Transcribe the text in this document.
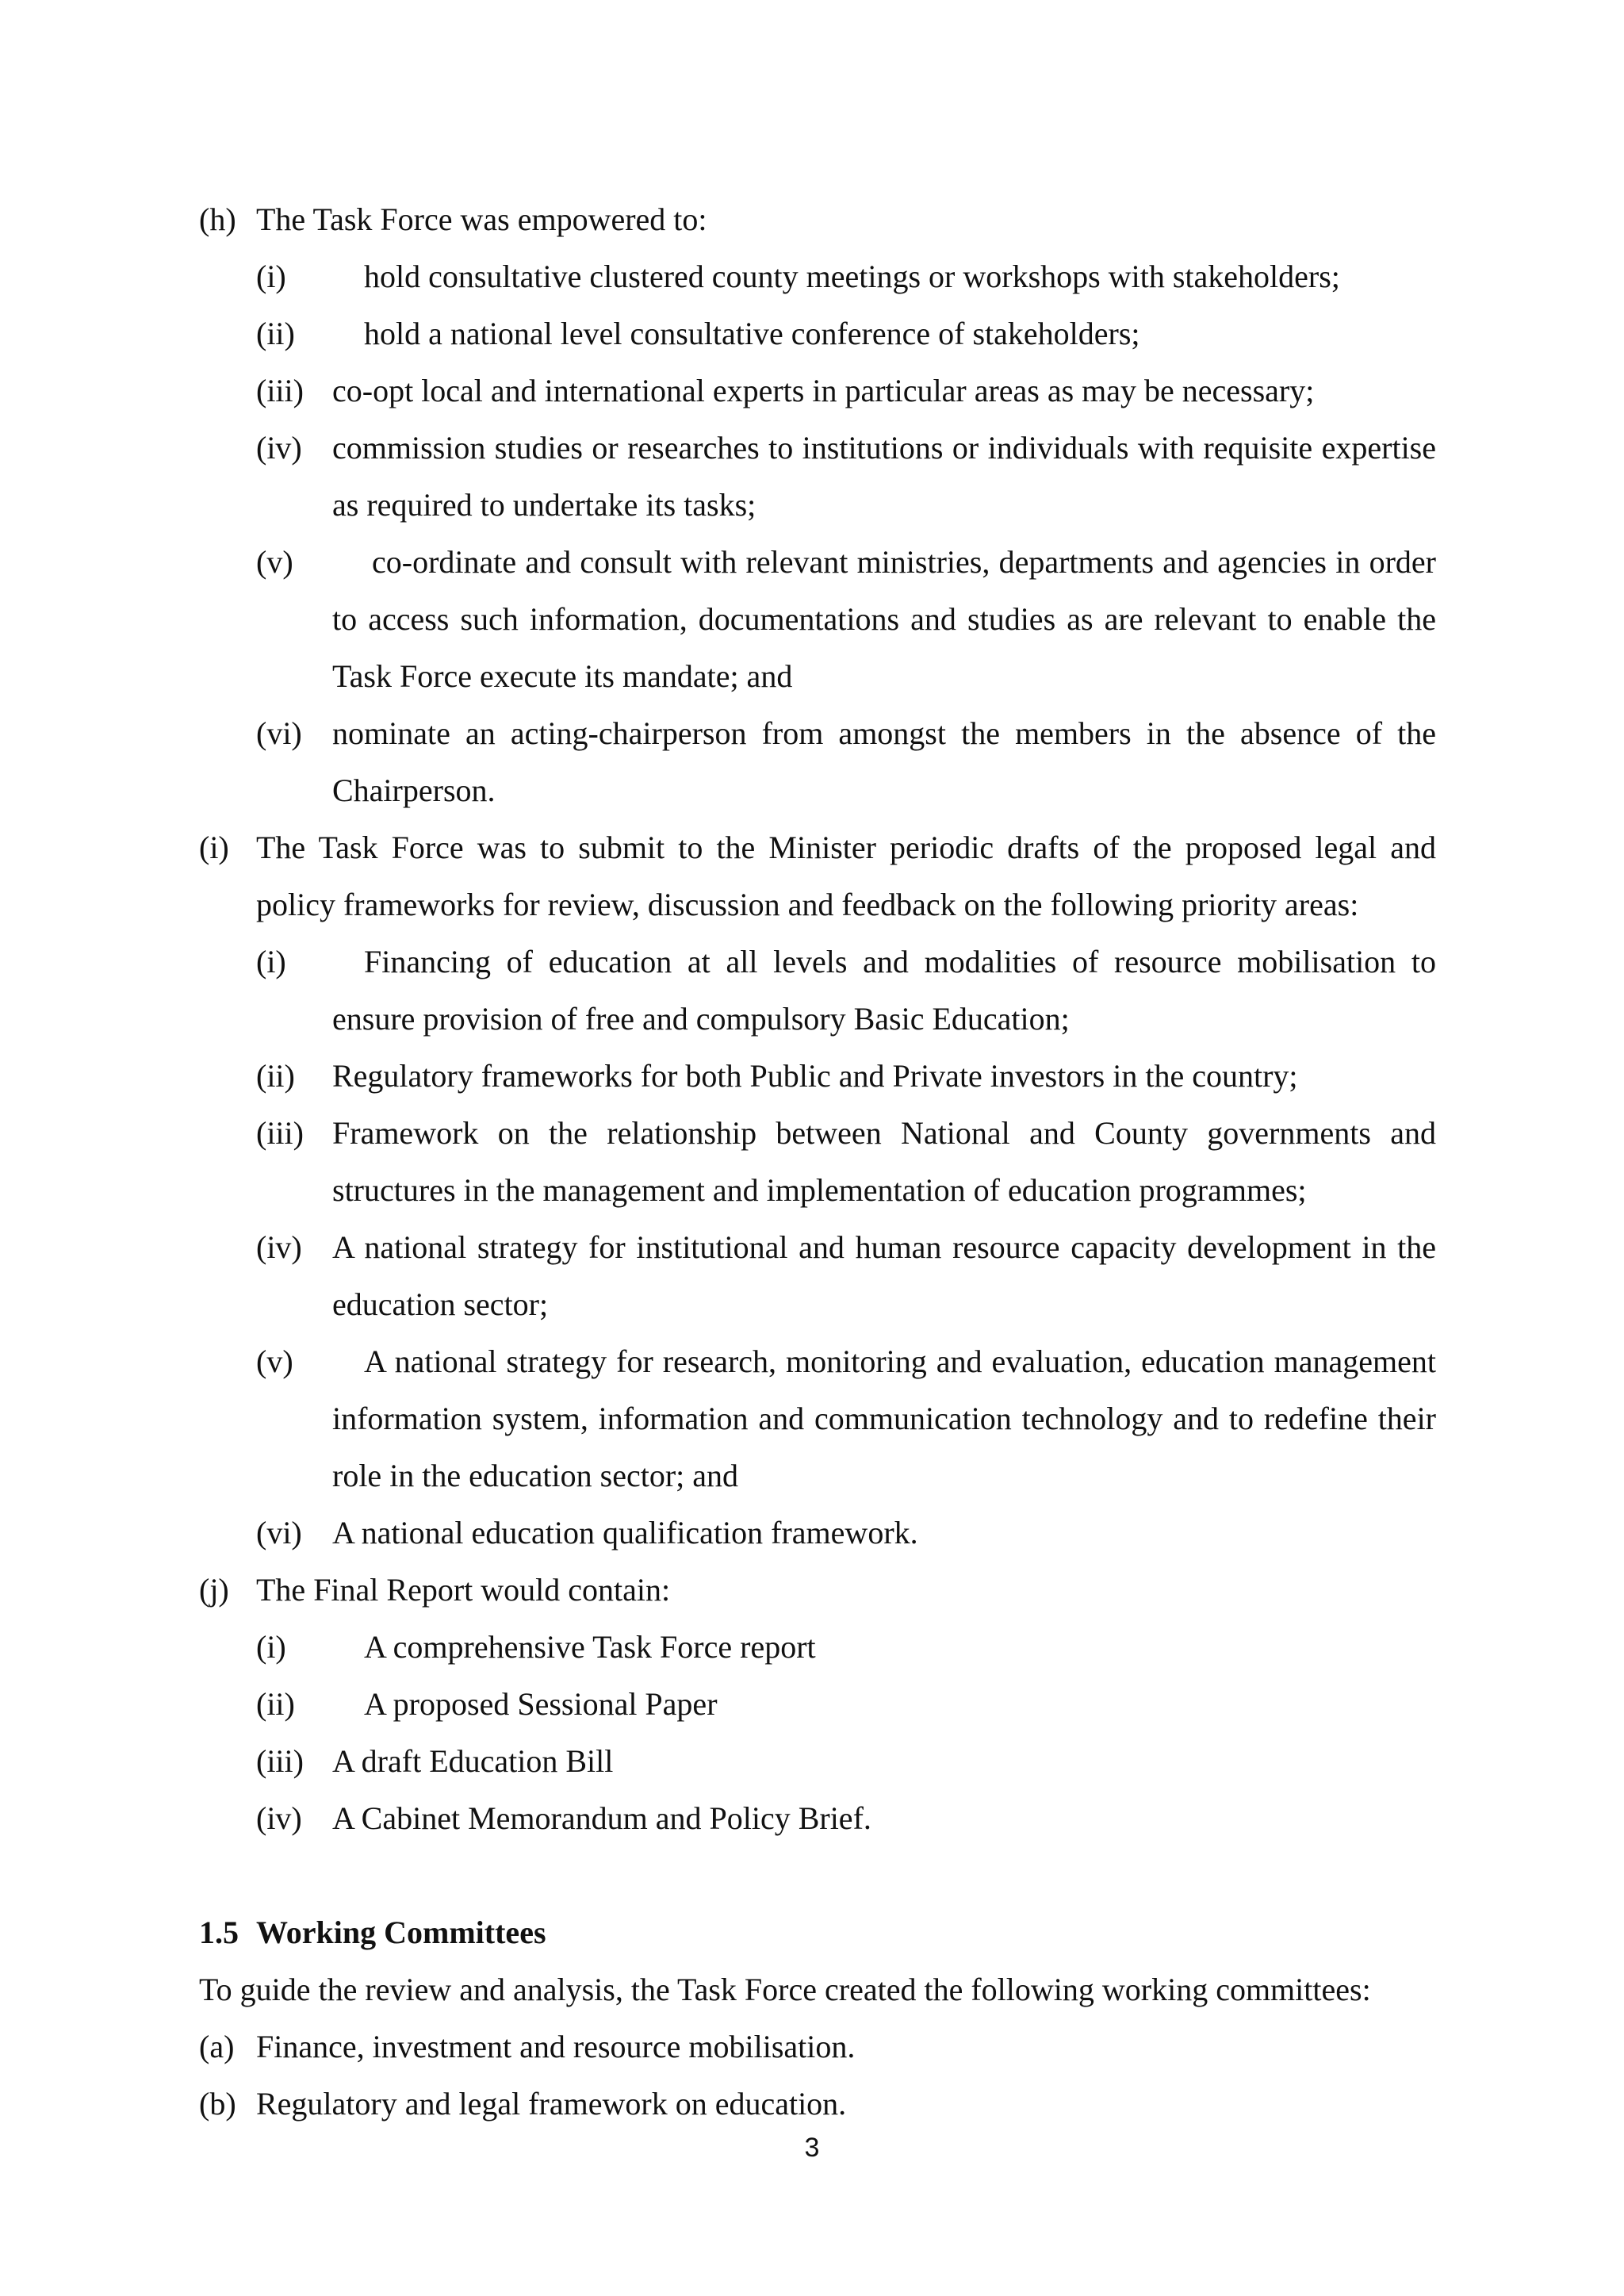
(h) The Task Force was empowered to:
(i) hold consultative clustered county meetings or workshops with stakeholders;
(ii) hold a national level consultative conference of stakeholders;
(iii) co-opt local and international experts in particular areas as may be necessary;
(iv) commission studies or researches to institutions or individuals with requisite expertise as required to undertake its tasks;
(v) co-ordinate and consult with relevant ministries, departments and agencies in order to access such information, documentations and studies as are relevant to enable the Task Force execute its mandate; and
(vi) nominate an acting-chairperson from amongst the members in the absence of the Chairperson.
(i) The Task Force was to submit to the Minister periodic drafts of the proposed legal and policy frameworks for review, discussion and feedback on the following priority areas:
(i) Financing of education at all levels and modalities of resource mobilisation to ensure provision of free and compulsory Basic Education;
(ii) Regulatory frameworks for both Public and Private investors in the country;
(iii) Framework on the relationship between National and County governments and structures in the management and implementation of education programmes;
(iv) A national strategy for institutional and human resource capacity development in the education sector;
(v) A national strategy for research, monitoring and evaluation, education management information system, information and communication technology and to redefine their role in the education sector; and
(vi) A national education qualification framework.
(j) The Final Report would contain:
(i) A comprehensive Task Force report
(ii) A proposed Sessional Paper
(iii) A draft Education Bill
(iv) A Cabinet Memorandum and Policy Brief.
1.5 Working Committees
To guide the review and analysis, the Task Force created the following working committees:
(a) Finance, investment and resource mobilisation.
(b) Regulatory and legal framework on education.
3
